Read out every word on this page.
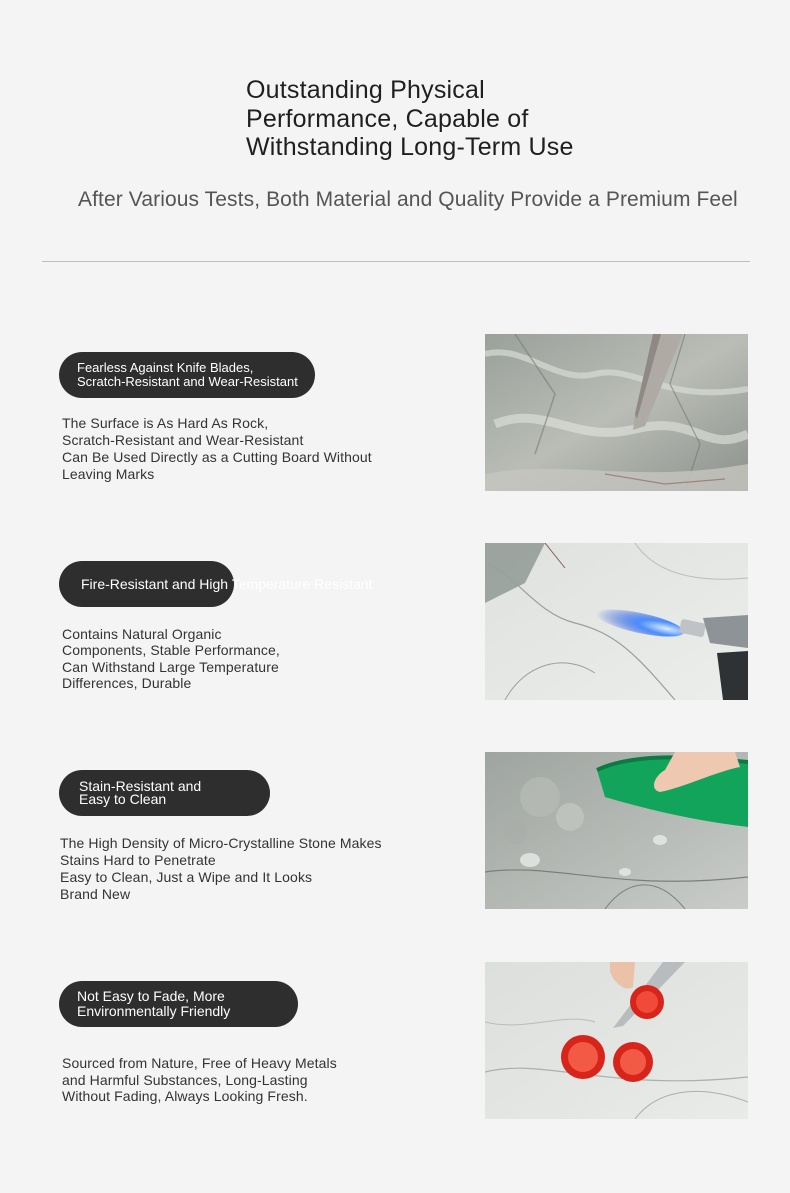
Outstanding Physical
Performance, Capable of
Withstanding Long-Term Use
After Various Tests, Both Material and Quality Provide a Premium Feel
Fearless Against Knife Blades,
Scratch-Resistant and Wear-Resistant
The Surface is As Hard As Rock,
Scratch-Resistant and Wear-Resistant
Can Be Used Directly as a Cutting Board Without
Leaving Marks
Fire-Resistant and High Temperature Resistant
Contains Natural Organic
Components, Stable Performance,
Can Withstand Large Temperature
Differences, Durable
Stain-Resistant and
Easy to Clean
The High Density of Micro-Crystalline Stone Makes
Stains Hard to Penetrate
Easy to Clean, Just a Wipe and It Looks
Brand New
Not Easy to Fade, More
Environmentally Friendly
Sourced from Nature, Free of Heavy Metals
and Harmful Substances, Long-Lasting
Without Fading, Always Looking Fresh.
